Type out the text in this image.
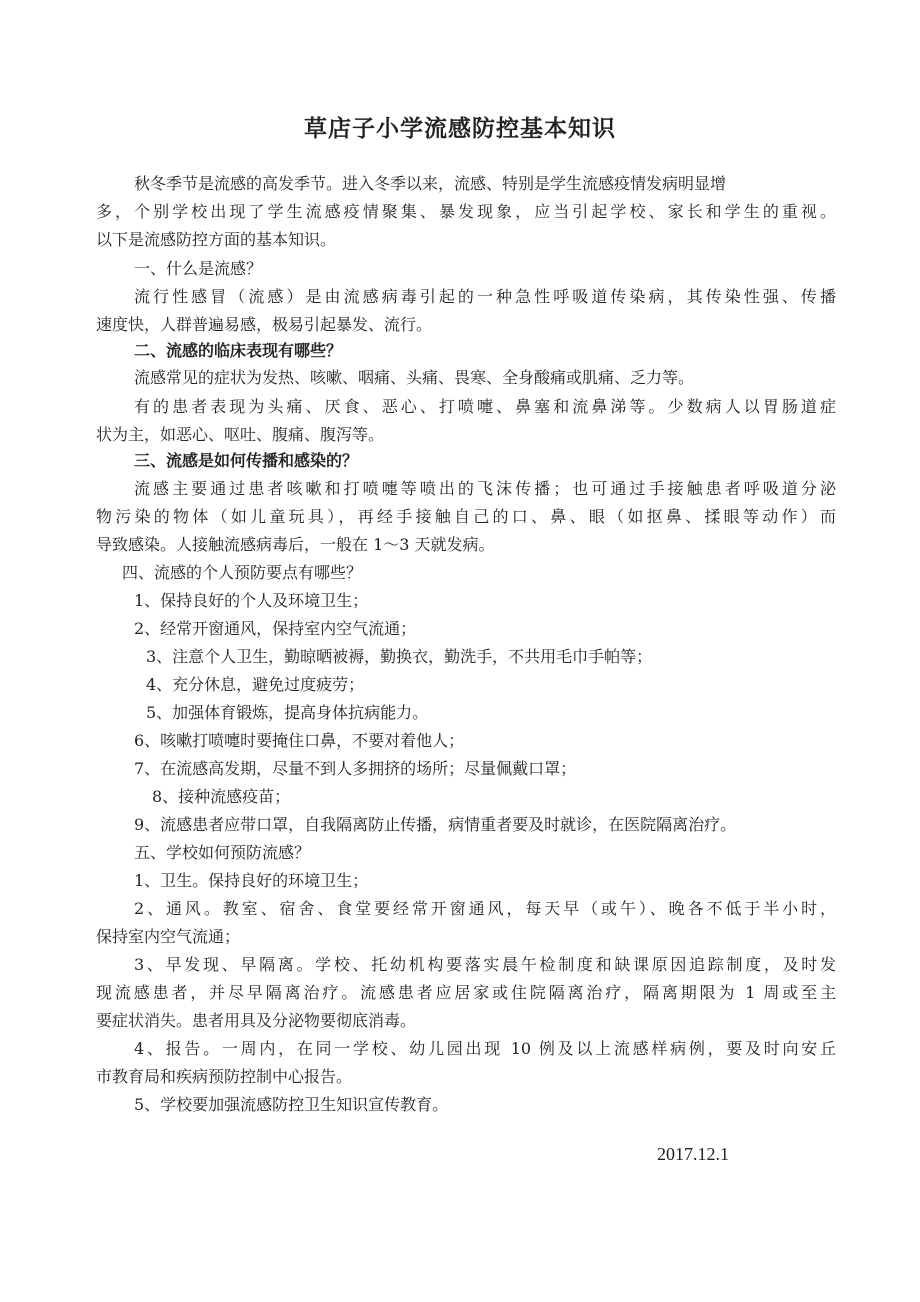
草店子小学流感防控基本知识
秋冬季节是流感的高发季节。进入冬季以来，流感、特别是学生流感疫情发病明显增
多，个别学校出现了学生流感疫情聚集、暴发现象，应当引起学校、家长和学生的重视。
以下是流感防控方面的基本知识。
一、什么是流感？
流行性感冒（流感）是由流感病毒引起的一种急性呼吸道传染病，其传染性强、传播
速度快，人群普遍易感，极易引起暴发、流行。
二、流感的临床表现有哪些？
流感常见的症状为发热、咳嗽、咽痛、头痛、畏寒、全身酸痛或肌痛、乏力等。
有的患者表现为头痛、厌食、恶心、打喷嚏、鼻塞和流鼻涕等。少数病人以胃肠道症
状为主，如恶心、呕吐、腹痛、腹泻等。
三、流感是如何传播和感染的？
流感主要通过患者咳嗽和打喷嚏等喷出的飞沫传播；也可通过手接触患者呼吸道分泌
物污染的物体（如儿童玩具），再经手接触自己的口、鼻、眼（如抠鼻、揉眼等动作）而
导致感染。人接触流感病毒后，一般在 1～3 天就发病。
四、流感的个人预防要点有哪些？
1、保持良好的个人及环境卫生；
2、经常开窗通风，保持室内空气流通；
3、注意个人卫生，勤晾晒被褥，勤换衣，勤洗手，不共用毛巾手帕等；
4、充分休息，避免过度疲劳；
5、加强体育锻炼，提高身体抗病能力。
6、咳嗽打喷嚏时要掩住口鼻，不要对着他人；
7、在流感高发期，尽量不到人多拥挤的场所；尽量佩戴口罩；
8、接种流感疫苗；
9、流感患者应带口罩，自我隔离防止传播，病情重者要及时就诊，在医院隔离治疗。
五、学校如何预防流感？
1、卫生。保持良好的环境卫生；
2、通风。教室、宿舍、食堂要经常开窗通风，每天早（或午）、晚各不低于半小时，
保持室内空气流通；
3、早发现、早隔离。学校、托幼机构要落实晨午检制度和缺课原因追踪制度，及时发
现流感患者，并尽早隔离治疗。流感患者应居家或住院隔离治疗，隔离期限为 1 周或至主
要症状消失。患者用具及分泌物要彻底消毒。
4、报告。一周内，在同一学校、幼儿园出现 10 例及以上流感样病例，要及时向安丘
市教育局和疾病预防控制中心报告。
5、学校要加强流感防控卫生知识宣传教育。
2017.12.1
